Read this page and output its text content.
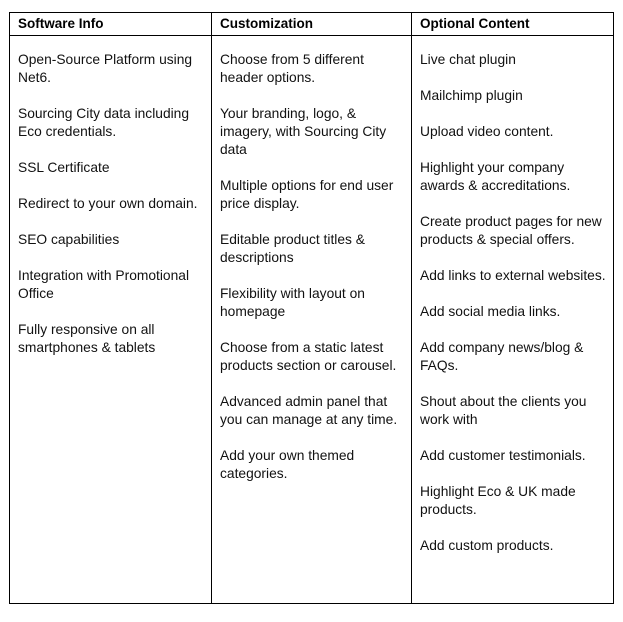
Software Info

Open-Source Platform using Net6.

Sourcing City data including Eco credentials.

SSL Certificate

Redirect to your own domain.

SEO capabilities

Integration with Promotional Office

Fully responsive on all smartphones & tablets

Customization

Choose from 5 different header options.

Your branding, logo, & imagery, with Sourcing City data

Multiple options for end user price display.

Editable product titles & descriptions

Flexibility with layout on homepage

Choose from a static latest products section or carousel.

Advanced admin panel that you can manage at any time.

Add your own themed categories.

Optional Content

Live chat plugin

Mailchimp plugin

Upload video content.

Highlight your company awards & accreditations.

Create product pages for new products & special offers.

Add links to external websites.

Add social media links.

Add company news/blog & FAQs.

Shout about the clients you work with

Add customer testimonials.

Highlight Eco & UK made products.

Add custom products.
